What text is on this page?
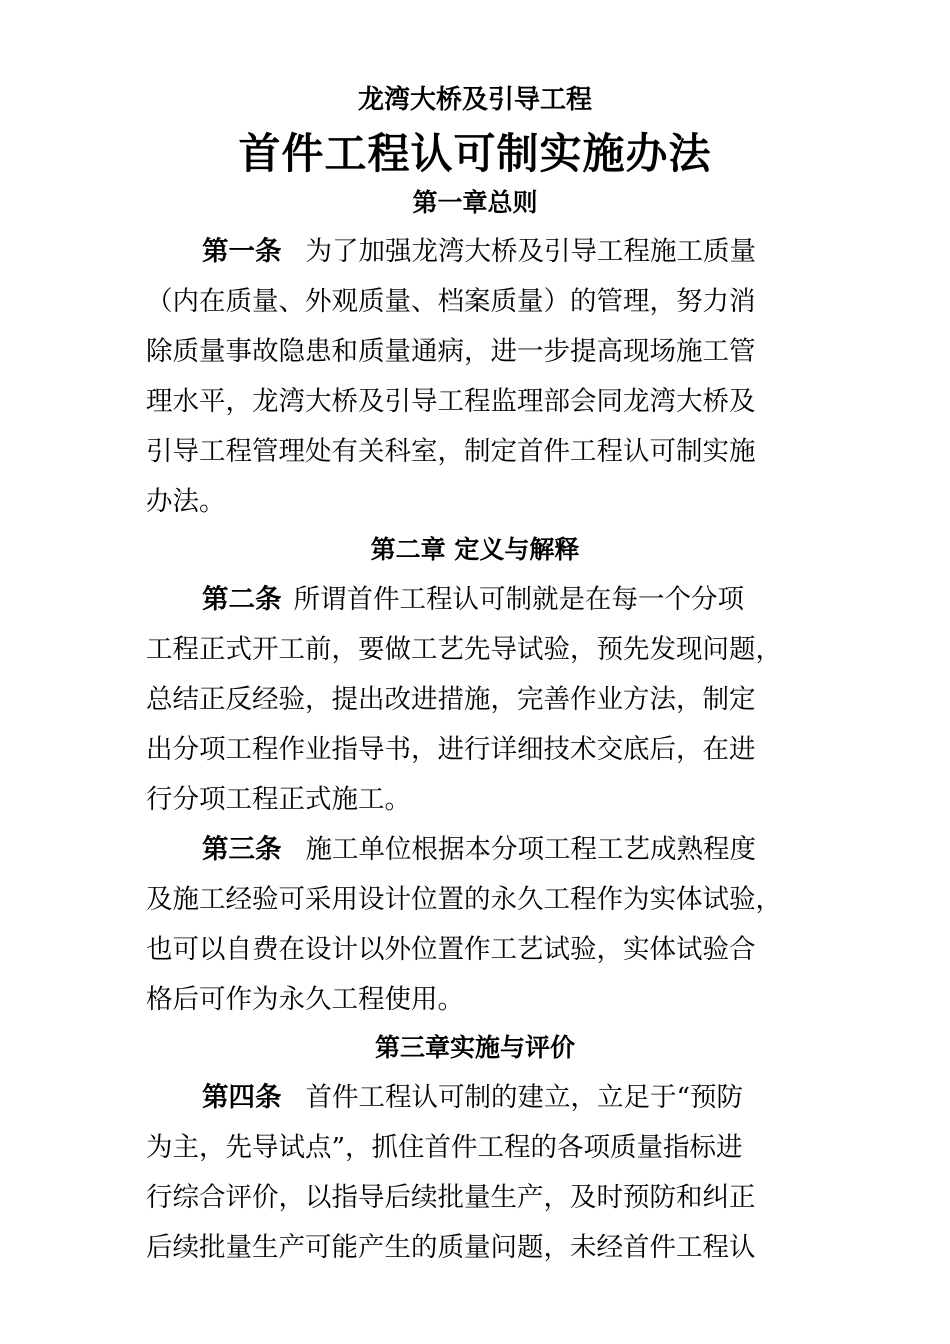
龙湾大桥及引导工程
首件工程认可制实施办法
第一章总则
第一条 为了加强龙湾大桥及引导工程施工质量
（内在质量、外观质量、档案质量）的管理，努力消
除质量事故隐患和质量通病，进一步提高现场施工管
理水平，龙湾大桥及引导工程监理部会同龙湾大桥及
引导工程管理处有关科室，制定首件工程认可制实施
办法。
第二章 定义与解释
第二条 所谓首件工程认可制就是在每一个分项
工程正式开工前，要做工艺先导试验，预先发现问题，
总结正反经验，提出改进措施，完善作业方法，制定
出分项工程作业指导书，进行详细技术交底后，在进
行分项工程正式施工。
第三条 施工单位根据本分项工程工艺成熟程度
及施工经验可采用设计位置的永久工程作为实体试验，
也可以自费在设计以外位置作工艺试验，实体试验合
格后可作为永久工程使用。
第三章实施与评价
第四条 首件工程认可制的建立，立足于“预防
为主，先导试点”，抓住首件工程的各项质量指标进
行综合评价，以指导后续批量生产，及时预防和纠正
后续批量生产可能产生的质量问题，未经首件工程认
